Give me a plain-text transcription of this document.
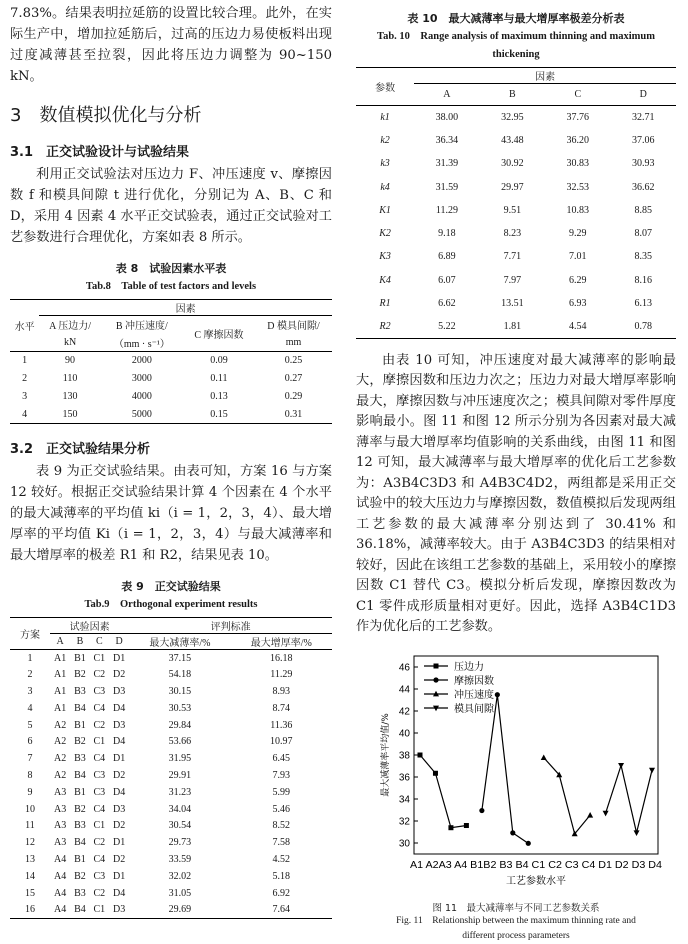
7.83%。结果表明拉延筋的设置比较合理。此外，在实际生产中，增加拉延筋后，过高的压边力易使板料出现过度减薄甚至拉裂，因此将压边力调整为 90~150 kN。

3　数值模拟优化与分析
3.1　正交试验设计与试验结果

利用正交试验法对压边力 F、冲压速度 v、摩擦因数 f 和模具间隙 t 进行优化，分别记为 A、B、C 和 D，采用 4 因素 4 水平正交试验表，通过正交试验对工艺参数进行合理优化，方案如表 8 所示。

表 8　试验因素水平表
Tab.8　Table of test factors and levels
水平	因素			
	A 压边力/	B 冲压速度/	C 摩擦因数	D 模具间隙/
	kN	（mm · s⁻¹）		mm
1	90	2000	0.09	0.25
2	110	3000	0.11	0.27
3	130	4000	0.13	0.29
4	150	5000	0.15	0.31
3.2　正交试验结果分析

表 9 为正交试验结果。由表可知，方案 16 与方案 12 较好。根据正交试验结果计算 4 个因素在 4 个水平的最大减薄率的平均值 ki（i = 1，2，3，4）、最大增厚率的平均值 Ki（i = 1，2，3，4）与最大减薄率和最大增厚率的极差 R1 和 R2，结果见表 10。

表 9　正交试验结果
Tab.9　Orthogonal experiment results
方案	试验因素				评判标准	
	A	B	C	D	最大减薄率/%	最大增厚率/%
1	A1	B1	C1	D1	37.15	16.18
2	A1	B2	C2	D2	54.18	11.29
3	A1	B3	C3	D3	30.15	8.93
4	A1	B4	C4	D4	30.53	8.74
5	A2	B1	C2	D3	29.84	11.36
6	A2	B2	C1	D4	53.66	10.97
7	A2	B3	C4	D1	31.95	6.45
8	A2	B4	C3	D2	29.91	7.93
9	A3	B1	C3	D4	31.23	5.99
10	A3	B2	C4	D3	34.04	5.46
11	A3	B3	C1	D2	30.54	8.52
12	A3	B4	C2	D1	29.73	7.58
13	A4	B1	C4	D2	33.59	4.52
14	A4	B2	C3	D1	32.02	5.18
15	A4	B3	C2	D4	31.05	6.92
16	A4	B4	C1	D3	29.69	7.64
表 10　最大减薄率与最大增厚率极差分析表
Tab. 10　Range analysis of maximum thinning and maximum thickening
参数	因素			
	A	B	C	D
k1	38.00	32.95	37.76	32.71
k2	36.34	43.48	36.20	37.06
k3	31.39	30.92	30.83	30.93
k4	31.59	29.97	32.53	36.62
K1	11.29	9.51	10.83	8.85
K2	9.18	8.23	9.29	8.07
K3	6.89	7.71	7.01	8.35
K4	6.07	7.97	6.29	8.16
R1	6.62	13.51	6.93	6.13
R2	5.22	1.81	4.54	0.78

由表 10 可知，冲压速度对最大减薄率的影响最大，摩擦因数和压边力次之；压边力对最大增厚率影响最大，摩擦因数与冲压速度次之；模具间隙对零件厚度影响最小。图 11 和图 12 所示分别为各因素对最大减薄率与最大增厚率均值影响的关系曲线，由图 11 和图 12 可知，最大减薄率与最大增厚率的优化后工艺参数为：A3B4C3D3 和 A4B3C4D2，两组都是采用正交试验中的较大压边力与摩擦因数，数值模拟后发现两组工艺参数的最大减薄率分别达到了 30.41% 和 36.18%，减薄率较大。由于 A3B4C3D3 的结果相对较好，因此在该组工艺参数的基础上，采用较小的摩擦因数 C1 替代 C3。模拟分析后发现，摩擦因数改为 C1 零件成形质量相对更好。因此，选择 A3B4C1D3 作为优化后的工艺参数。

30
32
34
36
38
40
42
44
46
最大减薄率平均值/%
A1 A2A3 A4 B1B2 B3 B4 C1 C2 C3 C4 D1 D2 D3 D4
工艺参数水平
压边力
摩擦因数
冲压速度
模具间隙
图 11　最大减薄率与不同工艺参数关系
Fig. 11　Relationship between the maximum thinning rate and
different process parameters
